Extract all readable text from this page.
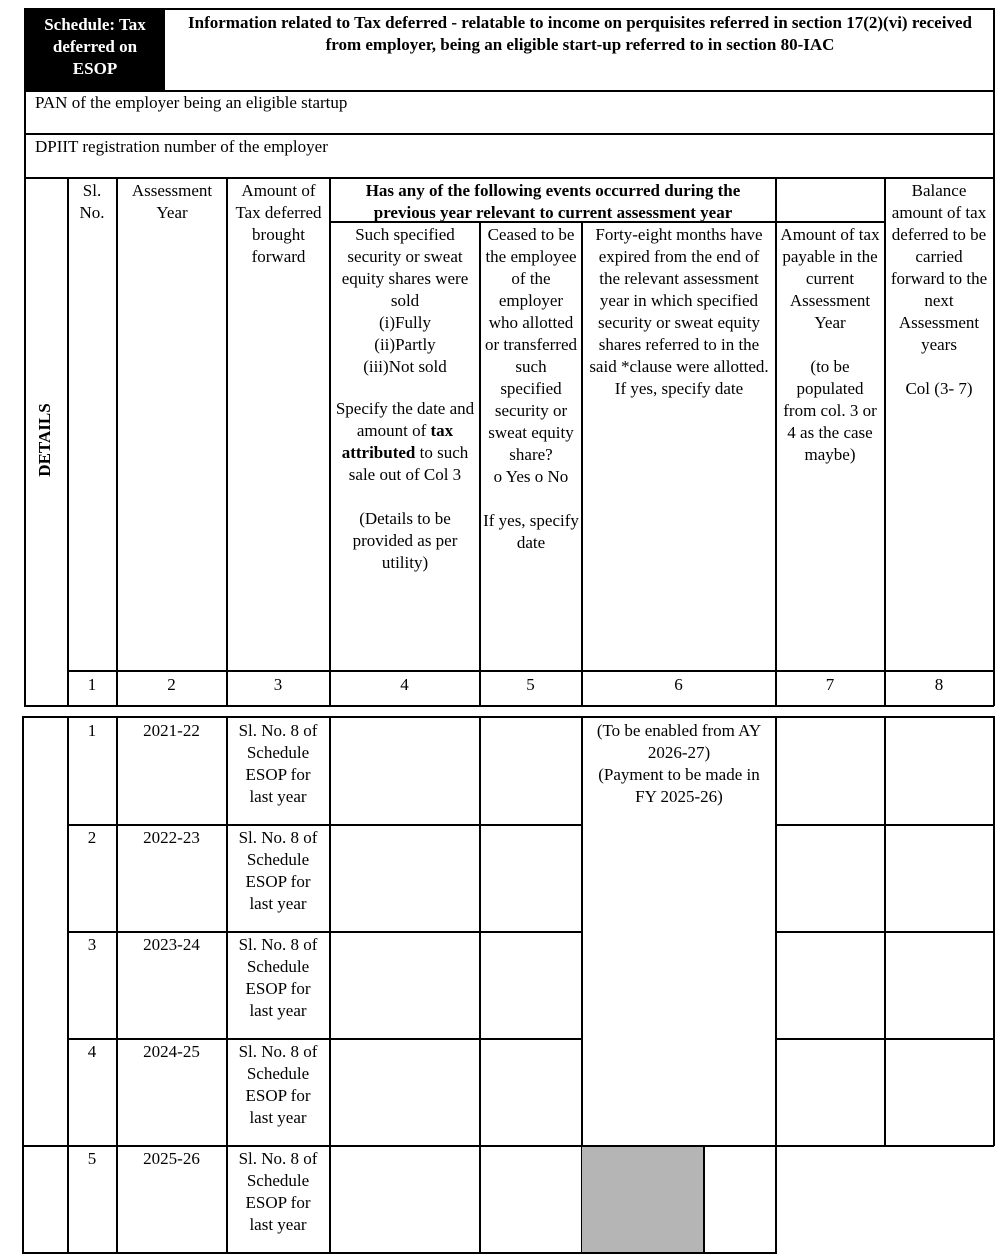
Schedule: Tax deferred on ESOP
Information related to Tax deferred - relatable to income on perquisites referred in section 17(2)(vi) received from employer, being an eligible start-up referred to in section 80-IAC
PAN of the employer being an eligible startup
DPIIT registration number of the employer
DETAILS
Sl. No.
Assessment Year
Amount of Tax deferred brought forward
Has any of the following events occurred during the previous year relevant to current assessment year
Such specified security or sweat equity shares were sold
(i)Fully
(ii)Partly
(iii)Not sold
Specify the date and amount of tax attributed to such sale out of Col 3
(Details to be provided as per utility)
Ceased to be the employee of the employer who allotted or transferred such specified security or sweat equity share?
o Yes o No
If yes, specify date
Forty-eight months have expired from the end of the relevant assessment year in which specified security or sweat equity shares referred to in the said *clause were allotted. If yes, specify date
Amount of tax payable in the current Assessment Year
(to be populated from col. 3 or 4 as the case maybe)
Balance amount of tax deferred to be carried forward to the next Assessment years
Col (3- 7)
1	2	3	4	5	6	7	8
(To be enabled from AY 2026-27)
(Payment to be made in FY 2025-26)
1	2021-22	Sl. No. 8 of Schedule ESOP for last year
2	2022-23	Sl. No. 8 of Schedule ESOP for last year
3	2023-24	Sl. No. 8 of Schedule ESOP for last year
4	2024-25	Sl. No. 8 of Schedule ESOP for last year
5	2025-26	Sl. No. 8 of Schedule ESOP for last year
